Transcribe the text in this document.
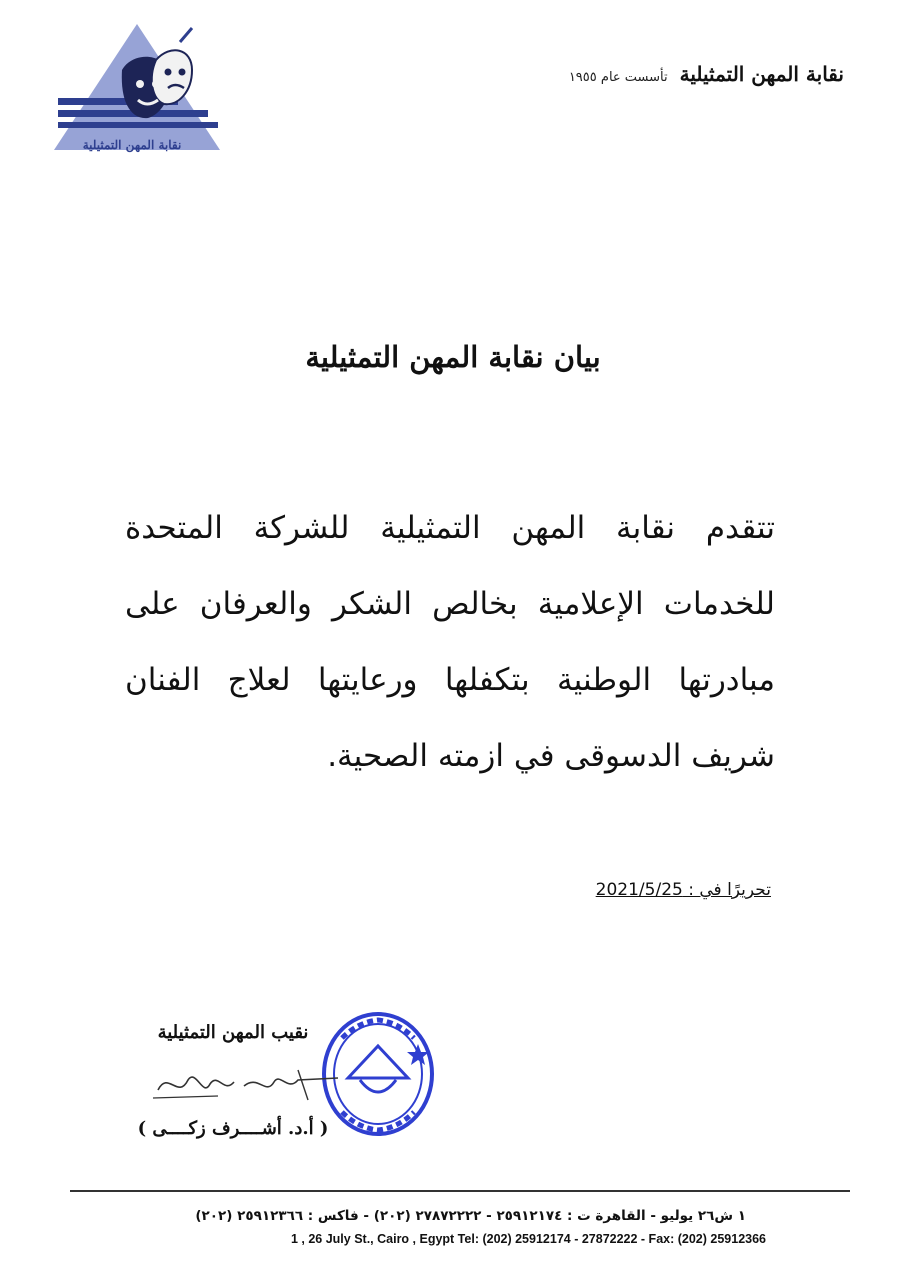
نقابة المهن التمثيلية
نقابة المهن التمثيلية
تأسست عام ١٩٥٥
بيان نقابة المهن التمثيلية
تتقدم نقابة المهن التمثيلية للشركة المتحدة للخدمات الإعلامية بخالص الشكر والعرفان على مبادرتها الوطنية بتكفلها ورعايتها لعلاج الفنان شريف الدسوقى في ازمته الصحية.
تحريرًا في : 2021/5/25
نقيب المهن التمثيلية
( أ.د. أشــــرف زكــــى )
١ ش٢٦ يوليو - القاهرة ت : ٢٥٩١٢١٧٤ - ٢٧٨٧٢٢٢٢ (٢٠٢) - فاكس : ٢٥٩١٢٣٦٦ (٢٠٢)
1 , 26 July St., Cairo , Egypt Tel: (202) 25912174 - 27872222 - Fax: (202) 25912366
